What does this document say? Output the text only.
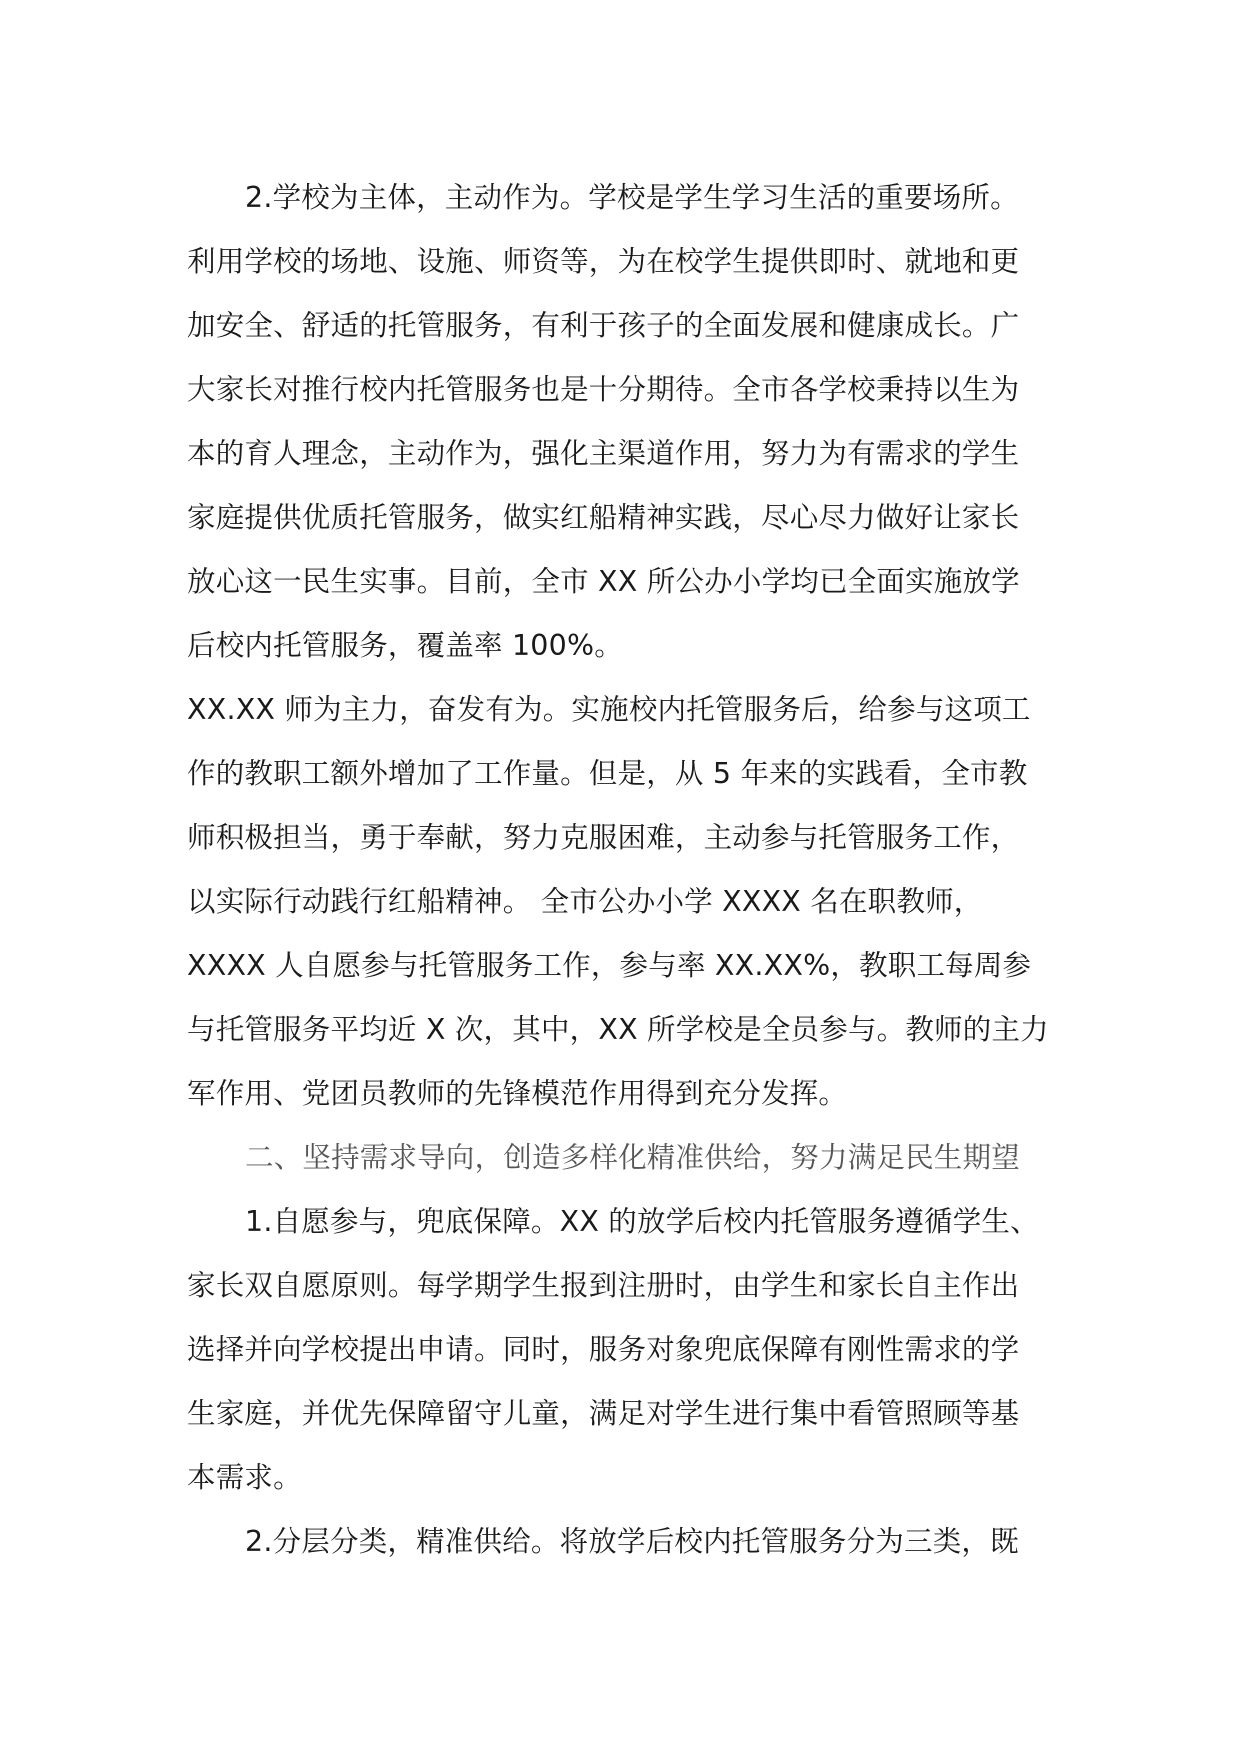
2.学校为主体，主动作为。学校是学生学习生活的重要场所。
利用学校的场地、设施、师资等，为在校学生提供即时、就地和更
加安全、舒适的托管服务，有利于孩子的全面发展和健康成长。广
大家长对推行校内托管服务也是十分期待。全市各学校秉持以生为
本的育人理念，主动作为，强化主渠道作用，努力为有需求的学生
家庭提供优质托管服务，做实红船精神实践，尽心尽力做好让家长
放心这一民生实事。目前，全市 XX 所公办小学均已全面实施放学
后校内托管服务，覆盖率 100%。
XX.XX 师为主力，奋发有为。实施校内托管服务后，给参与这项工
作的教职工额外增加了工作量。但是，从 5 年来的实践看，全市教
师积极担当，勇于奉献，努力克服困难，主动参与托管服务工作，
以实际行动践行红船精神。 全市公办小学 XXXX 名在职教师，
XXXX 人自愿参与托管服务工作，参与率 XX.XX%，教职工每周参
与托管服务平均近 X 次，其中，XX 所学校是全员参与。教师的主力
军作用、党团员教师的先锋模范作用得到充分发挥。
二、坚持需求导向，创造多样化精准供给，努力满足民生期望
1.自愿参与，兜底保障。XX 的放学后校内托管服务遵循学生、
家长双自愿原则。每学期学生报到注册时，由学生和家长自主作出
选择并向学校提出申请。同时，服务对象兜底保障有刚性需求的学
生家庭，并优先保障留守儿童，满足对学生进行集中看管照顾等基
本需求。
2.分层分类，精准供给。将放学后校内托管服务分为三类，既
